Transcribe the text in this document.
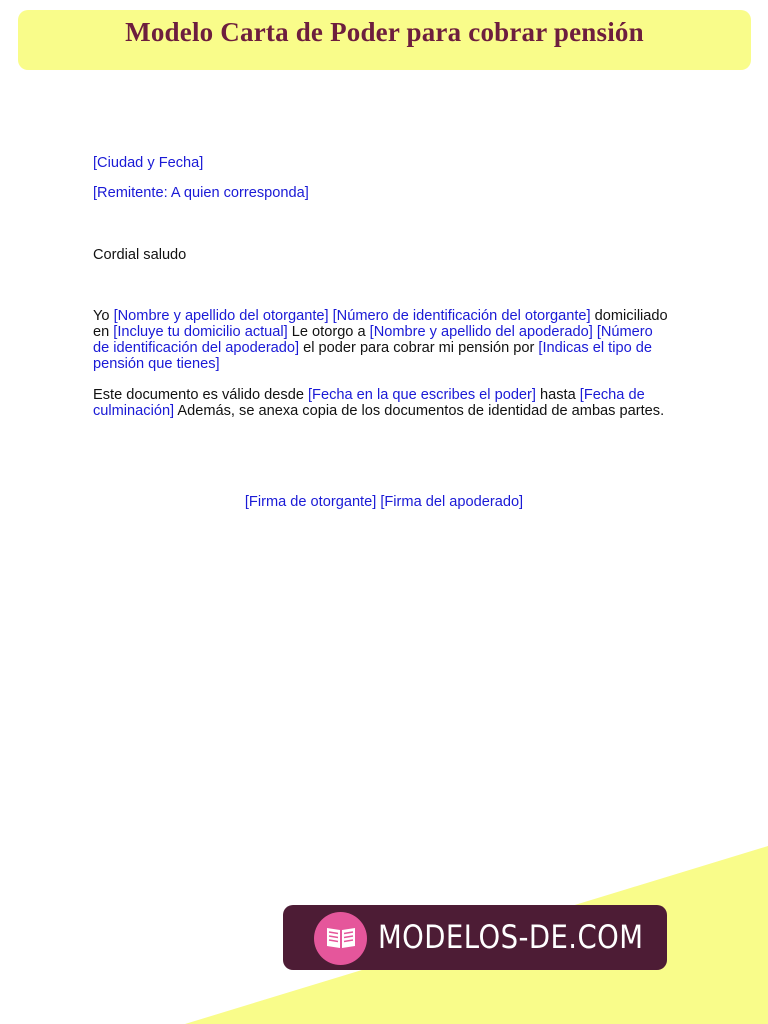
Modelo Carta de Poder para cobrar pensión

[Ciudad y Fecha]

[Remitente: A quien corresponda]

Cordial saludo

Yo [Nombre y apellido del otorgante] [Número de identificación del otorgante] domiciliado en [Incluye tu domicilio actual] Le otorgo a [Nombre y apellido del apoderado] [Número de identificación del apoderado] el poder para cobrar mi pensión por [Indicas el tipo de pensión que tienes]

Este documento es válido desde [Fecha en la que escribes el poder] hasta [Fecha de culminación] Además, se anexa copia de los documentos de identidad de ambas partes.

[Firma de otorgante] [Firma del apoderado]
MODELOS-DE.COM
